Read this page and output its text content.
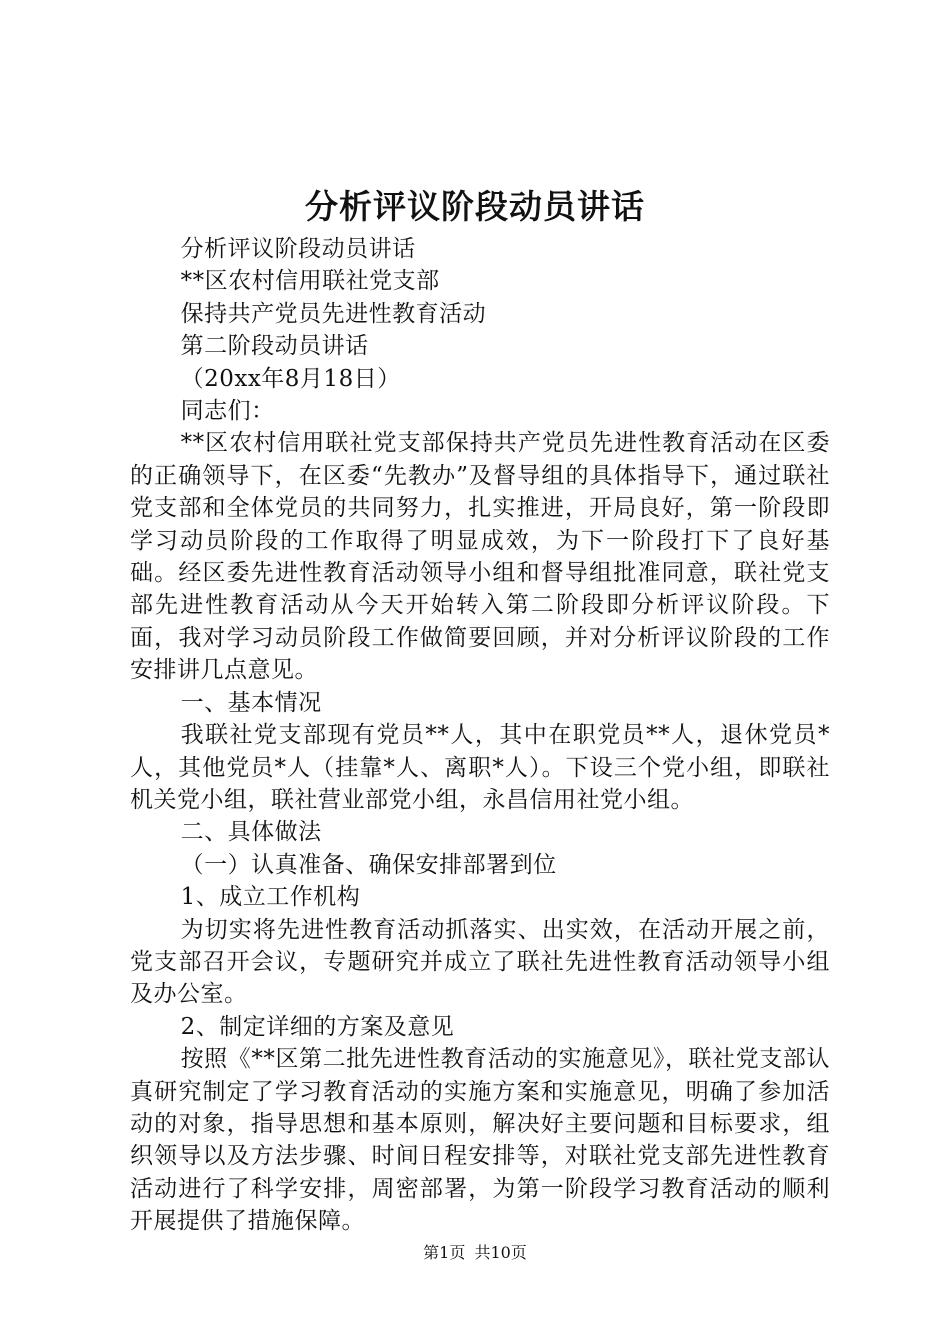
分析评议阶段动员讲话

分析评议阶段动员讲话

**区农村信用联社党支部

保持共产党员先进性教育活动

第二阶段动员讲话

（20xx年8月18日）

同志们：

**区农村信用联社党支部保持共产党员先进性教育活动在区委的正确领导下，在区委“先教办”及督导组的具体指导下，通过联社党支部和全体党员的共同努力，扎实推进，开局良好，第一阶段即学习动员阶段的工作取得了明显成效，为下一阶段打下了良好基础。经区委先进性教育活动领导小组和督导组批准同意，联社党支部先进性教育活动从今天开始转入第二阶段即分析评议阶段。下面，我对学习动员阶段工作做简要回顾，并对分析评议阶段的工作安排讲几点意见。

一、基本情况

我联社党支部现有党员**人，其中在职党员**人，退休党员*人，其他党员*人（挂靠*人、离职*人）。下设三个党小组，即联社机关党小组，联社营业部党小组，永昌信用社党小组。

二、具体做法

（一）认真准备、确保安排部署到位

1、成立工作机构

为切实将先进性教育活动抓落实、出实效，在活动开展之前，党支部召开会议，专题研究并成立了联社先进性教育活动领导小组及办公室。

2、制定详细的方案及意见

按照《**区第二批先进性教育活动的实施意见》，联社党支部认真研究制定了学习教育活动的实施方案和实施意见，明确了参加活动的对象，指导思想和基本原则，解决好主要问题和目标要求，组织领导以及方法步骤、时间日程安排等，对联社党支部先进性教育活动进行了科学安排，周密部署，为第一阶段学习教育活动的顺利开展提供了措施保障。

第1页 共10页
